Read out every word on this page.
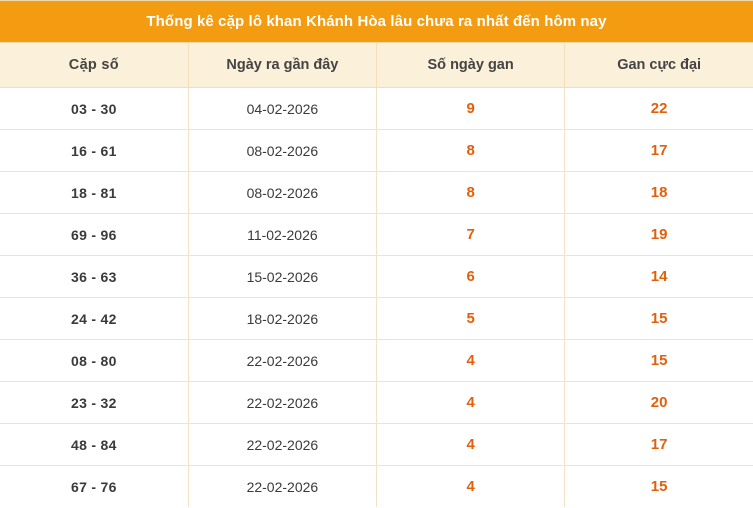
Thống kê cặp lô khan Khánh Hòa lâu chưa ra nhất đến hôm nay			
Cặp số	Ngày ra gần đây	Số ngày gan	Gan cực đại
03 - 30	04-02-2026	9	22
16 - 61	08-02-2026	8	17
18 - 81	08-02-2026	8	18
69 - 96	11-02-2026	7	19
36 - 63	15-02-2026	6	14
24 - 42	18-02-2026	5	15
08 - 80	22-02-2026	4	15
23 - 32	22-02-2026	4	20
48 - 84	22-02-2026	4	17
67 - 76	22-02-2026	4	15
